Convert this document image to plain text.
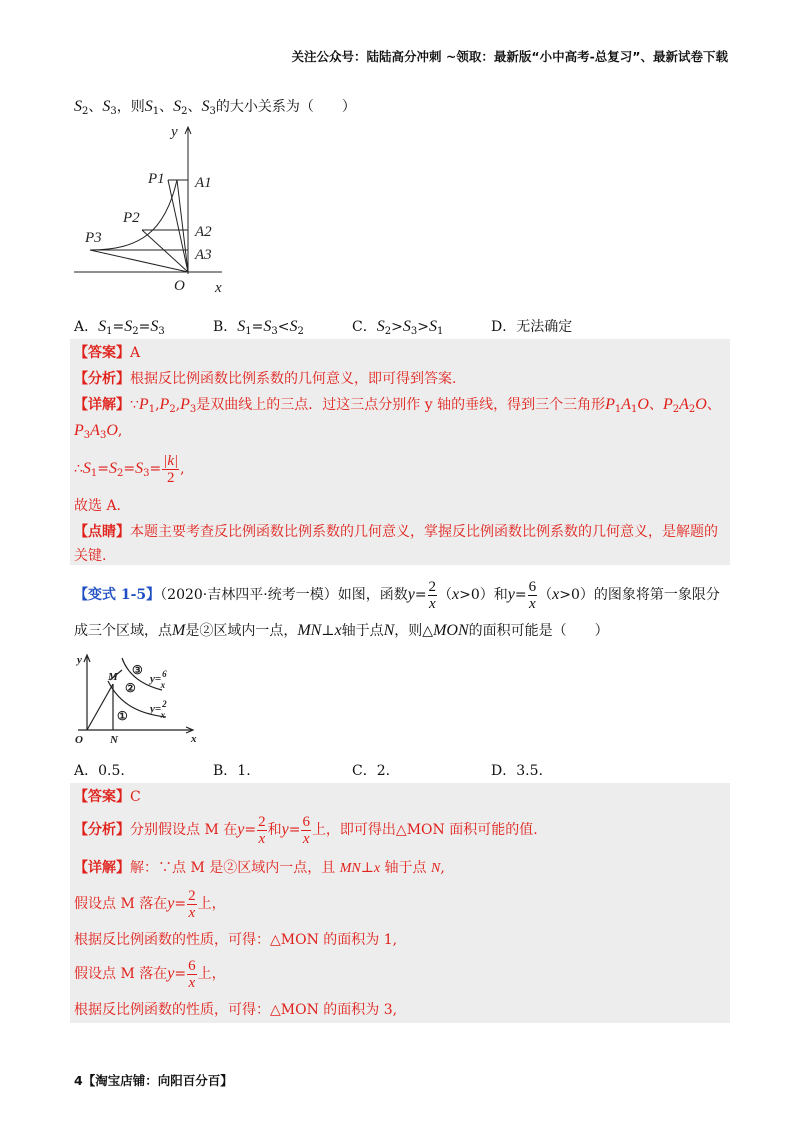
关注公众号：陆陆高分冲刺 ~领取：最新版“小中高考-总复习”、最新试卷下载
$S_2$、$S_3$，则$S_1$、$S_2$、$S_3$的大小关系为（　　）
y
x
O
P1
P2
P3
A1
A2
A3
A．$S_1=S_2=S_3$	B．$S_1=S_3<S_2$	C．$S_2>S_3>S_1$	D．无法确定
【答案】A
【分析】根据反比例函数比例系数的几何意义，即可得到答案.
【详解】$\because P_1,P_2,P_3$是双曲线上的三点．过这三点分别作 y 轴的垂线，得到三个三角形$P_1A_1O$、$P_2A_2O$、
$P_3A_3O$,
$\therefore S_1=S_2=S_3= \frac{|k|}{2}$ ,
故选 A.
【点睛】本题主要考查反比例函数比例系数的几何意义，掌握反比例函数比例系数的几何意义，是解题的
关键.
【变式 1-5】（2020·吉林四平·统考一模）如图，函数$y= \frac{2}{x} (x>0)$和$y= \frac{6}{x} (x>0)$的图象将第一象限分
成三个区域，点M是②区域内一点，MN⊥x轴于点N，则△MON的面积可能是（　　）
y
x
O N
M
①
②
③
y=$^6$ x
y=$^2$ x
A．0.5.	B．1.	C．2.	D．3.5.
【答案】C
【分析】分别假设点 M 在$y= \frac{2}{x}$ 和$y= \frac{6}{x}$ 上，即可得出△MON 面积可能的值.
【详解】解：∵点 M 是②区域内一点，且 MN⊥x 轴于点 N,
假设点 M 落在$y= \frac{2}{x}$ 上，
根据反比例函数的性质，可得：△MON 的面积为 1,
假设点 M 落在$y= \frac{6}{x}$ 上，
根据反比例函数的性质，可得：△MON 的面积为 3,
4【淘宝店铺：向阳百分百】
